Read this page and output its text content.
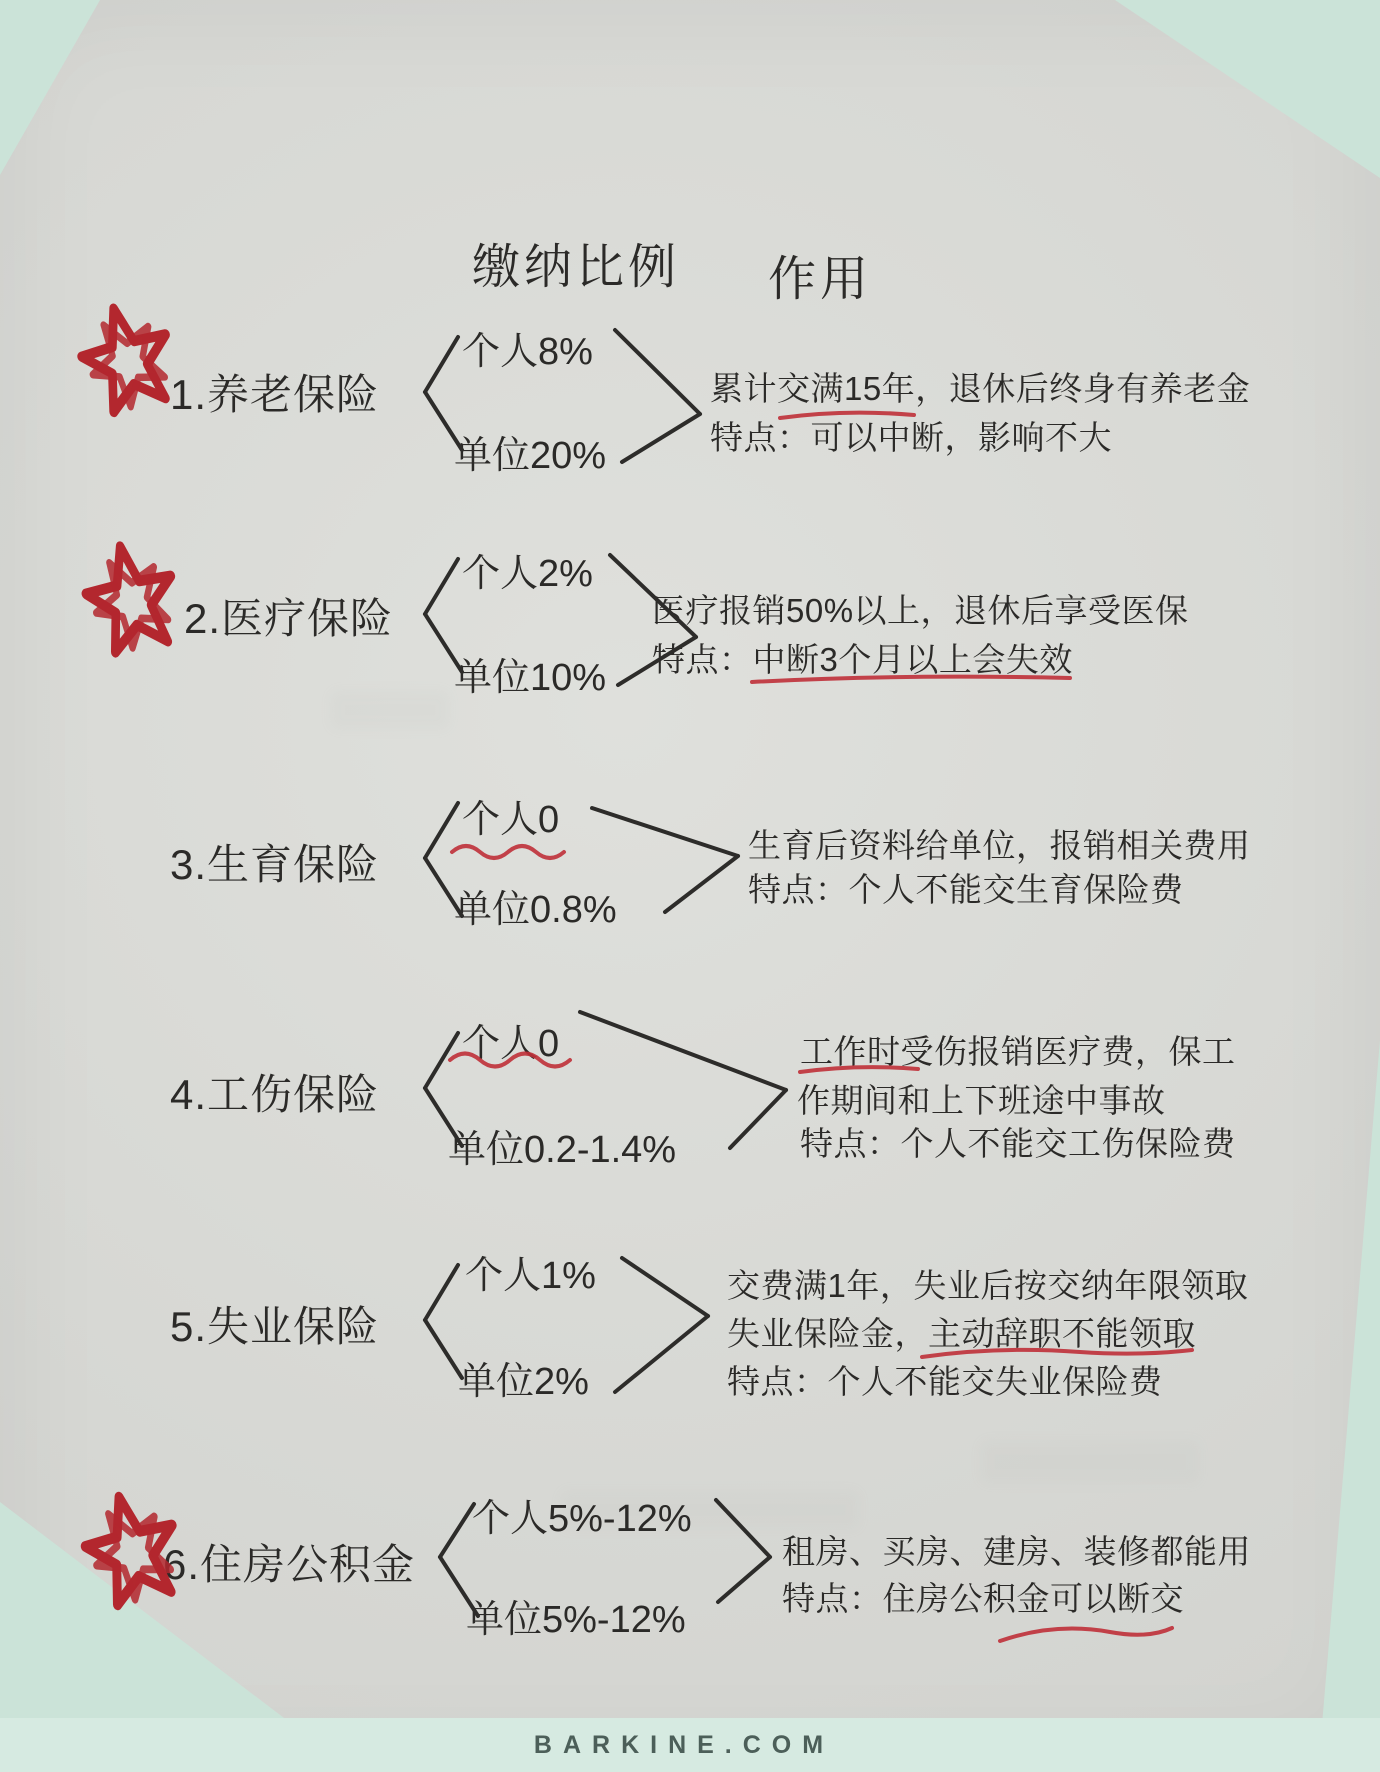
BARKINE.COM
缴纳比例 作用
1.养老保险
个人8%
单位20%
累计交满15年，退休后终身有养老金
特点：可以中断，影响不大
2.医疗保险
个人2%
单位10%
医疗报销50%以上，退休后享受医保
特点：中断3个月以上会失效
3.生育保险
个人0
单位0.8%
生育后资料给单位，报销相关费用
特点：个人不能交生育保险费
4.工伤保险
个人0
单位0.2-1.4%
工作时受伤报销医疗费，保工
作期间和上下班途中事故
特点：个人不能交工伤保险费
5.失业保险
个人1%
单位2%
交费满1年，失业后按交纳年限领取
失业保险金，主动辞职不能领取
特点：个人不能交失业保险费
6.住房公积金
个人5%-12%
单位5%-12%
租房、买房、建房、装修都能用
特点：住房公积金可以断交
